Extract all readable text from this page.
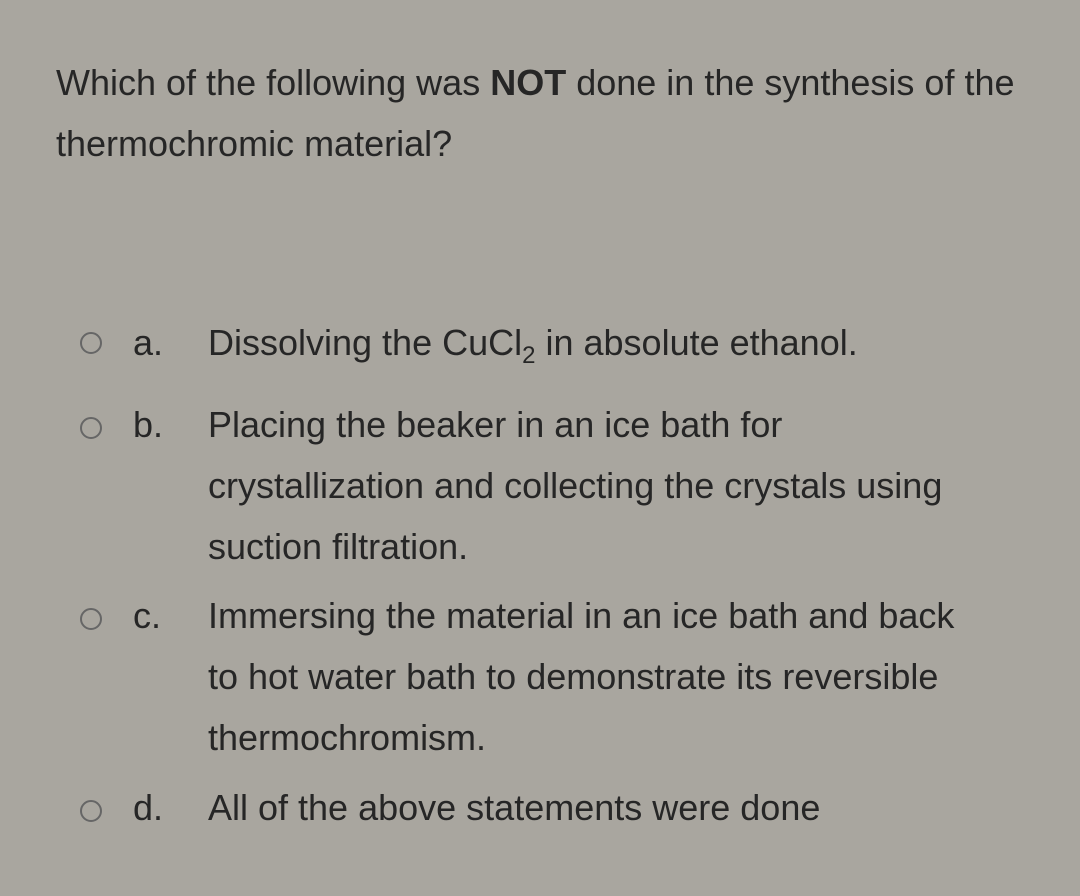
Which of the following was NOT done in the synthesis of the thermochromic material?

a. Dissolving the CuCl$_2$ in absolute ethanol.
b. Placing the beaker in an ice bath for crystallization and collecting the crystals using suction filtration.
c. Immersing the material in an ice bath and back to hot water bath to demonstrate its reversible thermochromism.
d. All of the above statements were done
